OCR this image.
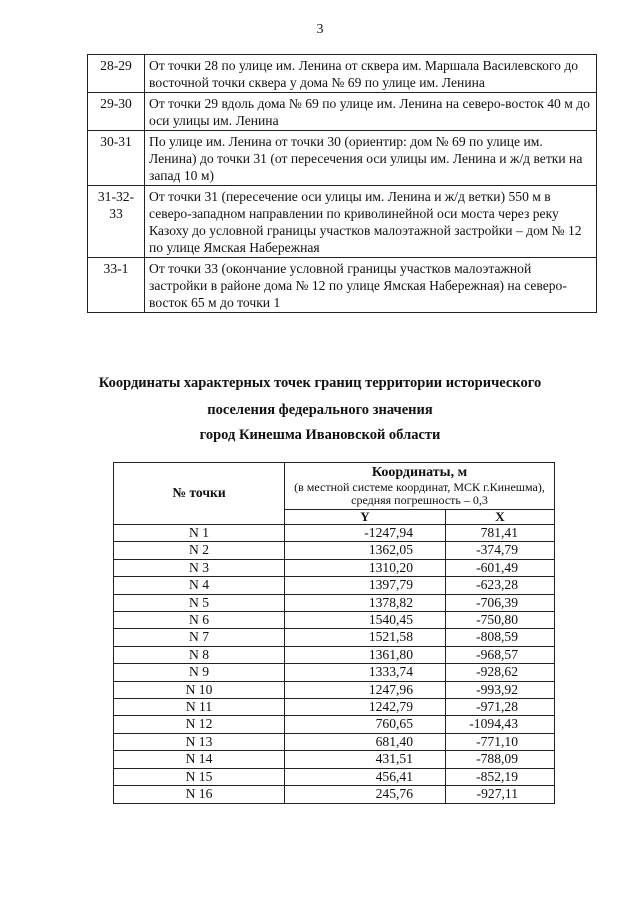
3
28-29	От точки 28 по улице им. Ленина от сквера им. Маршала Василевского до восточной точки сквера у дома № 69 по улице им. Ленина
29-30	От точки 29 вдоль дома № 69 по улице им. Ленина на северо-восток 40 м до оси улицы им. Ленина
30-31	По улице им. Ленина от точки 30 (ориентир: дом № 69 по улице им. Ленина) до точки 31 (от пересечения оси улицы им. Ленина и ж/д ветки на запад 10 м)
31-32-33	От точки 31 (пересечение оси улицы им. Ленина и ж/д ветки) 550 м в северо-западном направлении по криволинейной оси моста через реку Казоху до условной границы участков малоэтажной застройки – дом № 12 по улице Ямская Набережная
33-1	От точки 33 (окончание условной границы участков малоэтажной застройки в районе дома № 12 по улице Ямская Набережная) на северо-восток 65 м до точки 1
Координаты характерных точек границ территории исторического
поселения федерального значения
город Кинешма Ивановской области
№ точки	Координаты, м
(в местной системе координат, МСК г.Кинешма), средняя погрешность – 0,3	

	Y	X
N 1	-1247,94	781,41
N 2	1362,05	-374,79
N 3	1310,20	-601,49
N 4	1397,79	-623,28
N 5	1378,82	-706,39
N 6	1540,45	-750,80
N 7	1521,58	-808,59
N 8	1361,80	-968,57
N 9	1333,74	-928,62
N 10	1247,96	-993,92
N 11	1242,79	-971,28
N 12	760,65	-1094,43
N 13	681,40	-771,10
N 14	431,51	-788,09
N 15	456,41	-852,19
N 16	245,76	-927,11
